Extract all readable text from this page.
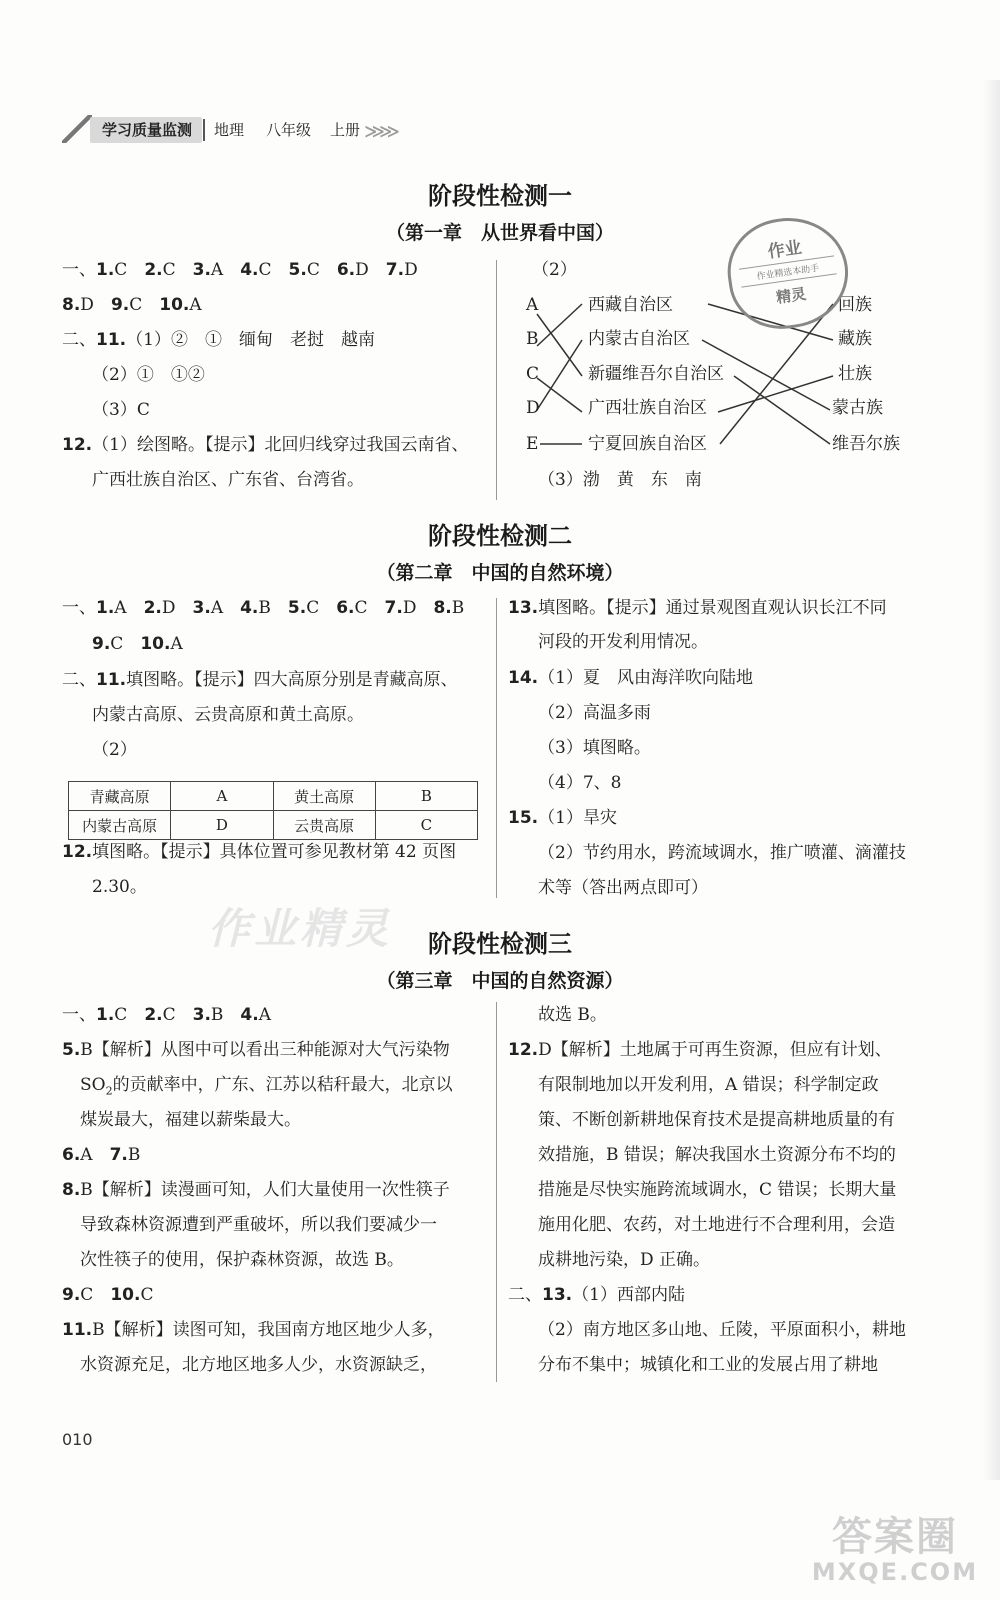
学习质量监测	地理 八年级 上册 ≫≫
阶段性检测一
（第一章　从世界看中国）
一、1.C　2.C　3.A　4.C　5.C　6.D　7.D
8.D　9.C　10.A
二、11.（1）②　①　缅甸　老挝　越南
（2）①　①②
（3）C
12.（1）绘图略。【提示】北回归线穿过我国云南省、
广西壮族自治区、广东省、台湾省。
（2）
A
B
C
D
E
西藏自治区
内蒙古自治区
新疆维吾尔自治区
广西壮族自治区
宁夏回族自治区
回族
藏族
壮族
蒙古族
维吾尔族
（3）渤　黄　东　南
作业
作业精选本助手
精灵
阶段性检测二
（第二章　中国的自然环境）
一、1.A　2.D　3.A　4.B　5.C　6.C　7.D　8.B
9.C　10.A
二、11.填图略。【提示】四大高原分别是青藏高原、
内蒙古高原、云贵高原和黄土高原。
（2）
青藏高原	A	黄土高原	B
内蒙古高原	D	云贵高原	C
12.填图略。【提示】具体位置可参见教材第 42 页图
2.30。
13.填图略。【提示】通过景观图直观认识长江不同
河段的开发利用情况。
14.（1）夏　风由海洋吹向陆地
（2）高温多雨
（3）填图略。
（4）7、8
15.（1）旱灾
（2）节约用水，跨流域调水，推广喷灌、滴灌技
术等（答出两点即可）
作业精灵	阶段性检测三
（第三章　中国的自然资源）
一、1.C　2.C　3.B　4.A
5.B【解析】从图中可以看出三种能源对大气污染物
$SO_2$的贡献率中，广东、江苏以秸秆最大，北京以
煤炭最大，福建以薪柴最大。
6.A　7.B
8.B【解析】读漫画可知，人们大量使用一次性筷子
导致森林资源遭到严重破坏，所以我们要减少一
次性筷子的使用，保护森林资源，故选 B。
9.C　10.C
11.B【解析】读图可知，我国南方地区地少人多，
水资源充足，北方地区地多人少，水资源缺乏，
故选 B。
12.D【解析】土地属于可再生资源，但应有计划、
有限制地加以开发利用，A 错误；科学制定政
策、不断创新耕地保育技术是提高耕地质量的有
效措施，B 错误；解决我国水土资源分布不均的
措施是尽快实施跨流域调水，C 错误；长期大量
施用化肥、农药，对土地进行不合理利用，会造
成耕地污染，D 正确。
二、13.（1）西部内陆
（2）南方地区多山地、丘陵，平原面积小，耕地
分布不集中；城镇化和工业的发展占用了耕地
010
答案圈
MXQE.COM
